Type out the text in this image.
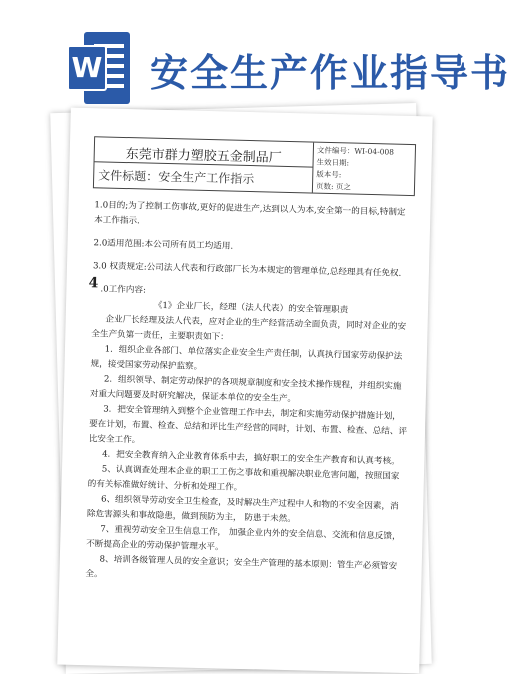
W 安全生产作业指导书
东莞市群力塑胶五金制品厂
文件标题：安全生产工作指示
文件编号：WI-04-008
生效日期:
版本号:
页数: 页之

1.0目的;为了控制工伤事故,更好的促进生产,达到以人为本,安全第一的目标,特制定本工作指示.

2.0适用范围:本公司所有员工均适用.

3.0 权责规定:公司法人代表和行政部厂长为本规定的管理单位,总经理具有任免权.

4 .0工作内容:

《1》企业厂长，经理（法人代表）的安全管理职责

企业厂长经理及法人代表，应对企业的生产经营活动全面负责，同时对企业的安全生产负第一责任，主要职责如下：

1．组织企业各部门、单位落实企业安全生产责任制，认真执行国家劳动保护法规，接受国家劳动保护监察。

2．组织领导、制定劳动保护的各项规章制度和安全技术操作规程，并组织实施对重大问题要及时研究解决，保证本单位的安全生产。

3．把安全管理纳入到整个企业管理工作中去，制定和实施劳动保护措施计划，要在计划，布置、检查、总结和评比生产经营的同时，计划、布置、检查、总结、评比安全工作。

4．把安全教育纳入企业教育体系中去，搞好职工的安全生产教育和认真考核。

5、认真调查处理本企业的职工工伤之事故和重视解决职业危害问题，按照国家的有关标准做好统计、分析和处理工作。

6、组织领导劳动安全卫生检查，及时解决生产过程中人和物的不安全因素，消除危害源头和事故隐患，做到预防为主， 防患于未然。

7、重视劳动安全卫生信息工作， 加强企业内外的安全信息、交流和信息反馈，不断提高企业的劳动保护管理水平。

8、培训各级管理人员的安全意识；安全生产管理的基本原则：管生产必须管安全。
